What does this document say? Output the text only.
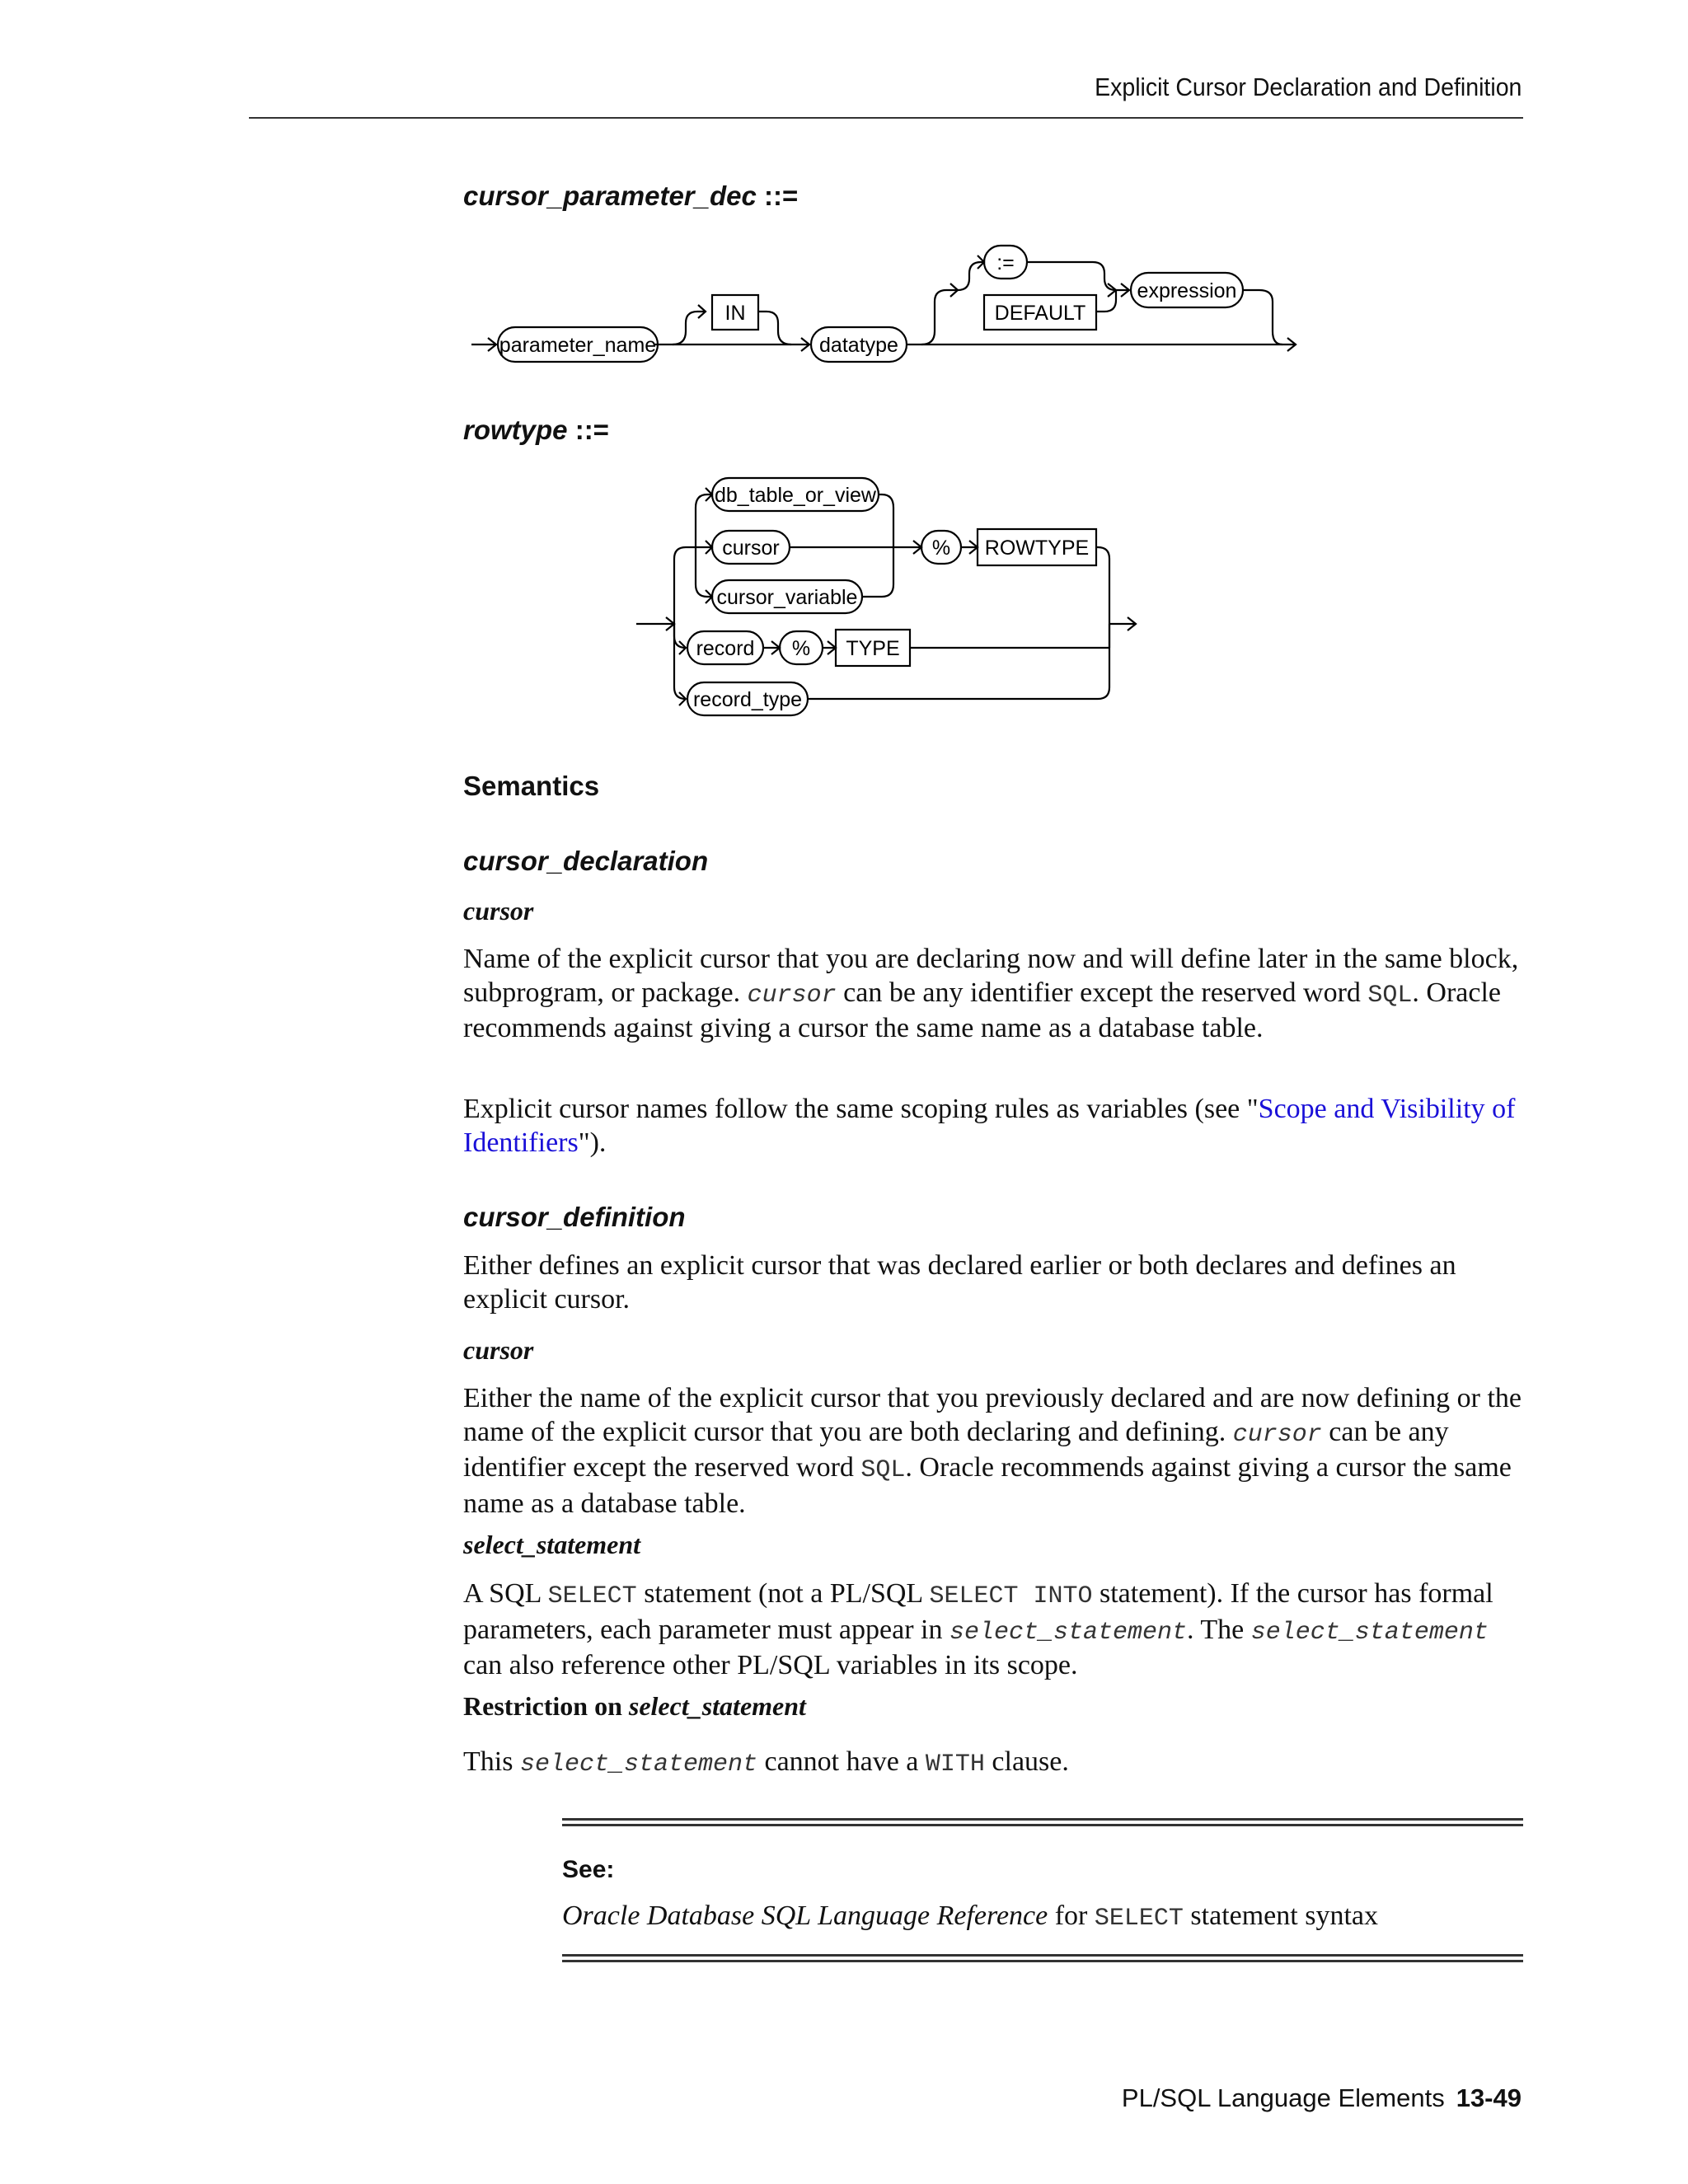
Explicit Cursor Declaration and Definition

cursor_parameter_dec ::=

parameter_name
IN
datatype
:=
DEFAULT
expression

rowtype ::=

db_table_or_view
cursor
cursor_variable
% ROWTYPE
record % TYPE
record_type

Semantics

cursor_declaration

cursor

Name of the explicit cursor that you are declaring now and will define later in the same block, subprogram, or package. cursor can be any identifier except the reserved word SQL. Oracle recommends against giving a cursor the same name as a database table.

Explicit cursor names follow the same scoping rules as variables (see "Scope and Visibility of Identifiers").

cursor_definition

Either defines an explicit cursor that was declared earlier or both declares and defines an explicit cursor.

cursor

Either the name of the explicit cursor that you previously declared and are now defining or the name of the explicit cursor that you are both declaring and defining. cursor can be any identifier except the reserved word SQL. Oracle recommends against giving a cursor the same name as a database table.

select_statement

A SQL SELECT statement (not a PL/SQL SELECT INTO statement). If the cursor has formal parameters, each parameter must appear in select_statement. The select_statement can also reference other PL/SQL variables in its scope.

Restriction on select_statement

This select_statement cannot have a WITH clause.

See:

Oracle Database SQL Language Reference for SELECT statement syntax

PL/SQL Language Elements 13-49
